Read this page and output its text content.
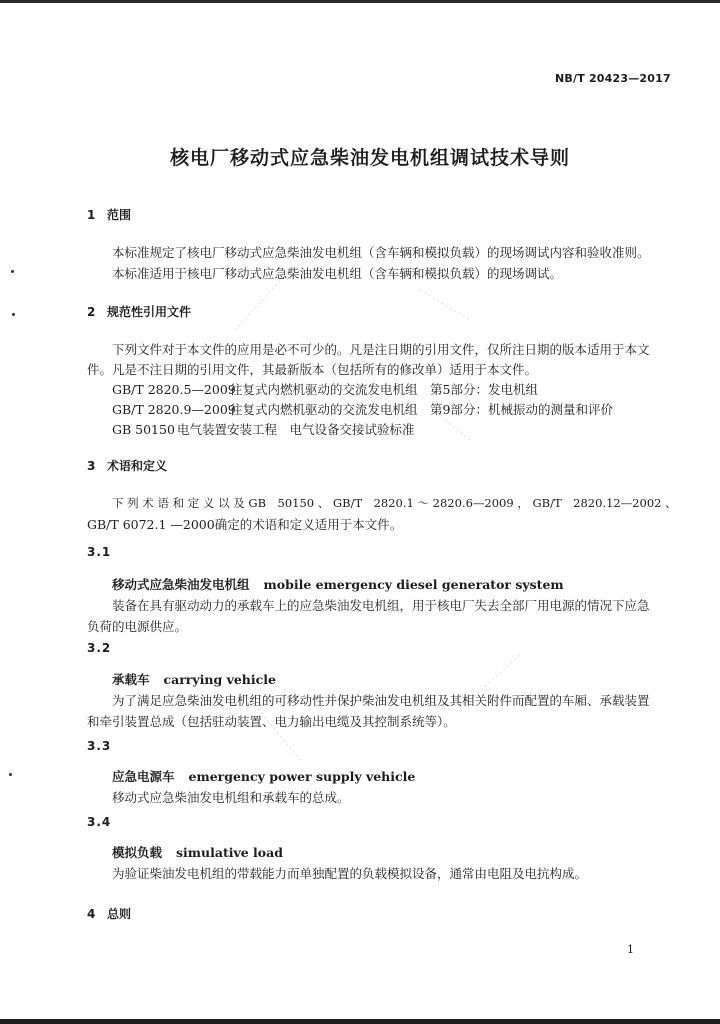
NB/T 20423—2017
核电厂移动式应急柴油发电机组调试技术导则
1 范围
本标准规定了核电厂移动式应急柴油发电机组（含车辆和模拟负载）的现场调试内容和验收准则。
本标准适用于核电厂移动式应急柴油发电机组（含车辆和模拟负载）的现场调试。
2 规范性引用文件
下列文件对于本文件的应用是必不可少的。凡是注日期的引用文件，仅所注日期的版本适用于本文
件。凡是不注日期的引用文件，其最新版本（包括所有的修改单）适用于本文件。
GB/T 2820.5—2009往复式内燃机驱动的交流发电机组　第5部分：发电机组
GB/T 2820.9—2009往复式内燃机驱动的交流发电机组　第9部分：机械振动的测量和评价
GB 50150 电气装置安装工程　电气设备交接试验标准
3 术语和定义
下 列 术 语 和 定 义 以 及 GB　50150 、 GB/T　2820.1 ～ 2820.6—2009 ， GB/T　2820.12—2002 、
GB/T 6072.1 —2000确定的术语和定义适用于本文件。
3.1
移动式应急柴油发电机组 mobile emergency diesel generator system
装备在具有驱动动力的承载车上的应急柴油发电机组，用于核电厂失去全部厂用电源的情况下应急
负荷的电源供应。
3.2
承载车 carrying vehicle
为了满足应急柴油发电机组的可移动性并保护柴油发电机组及其相关附件而配置的车厢、承载装置
和牵引装置总成（包括驻动装置、电力输出电缆及其控制系统等）。
3.3
应急电源车 emergency power supply vehicle
移动式应急柴油发电机组和承载车的总成。
3.4
模拟负载 simulative load
为验证柴油发电机组的带载能力而单独配置的负载模拟设备，通常由电阻及电抗构成。
4 总则
1
